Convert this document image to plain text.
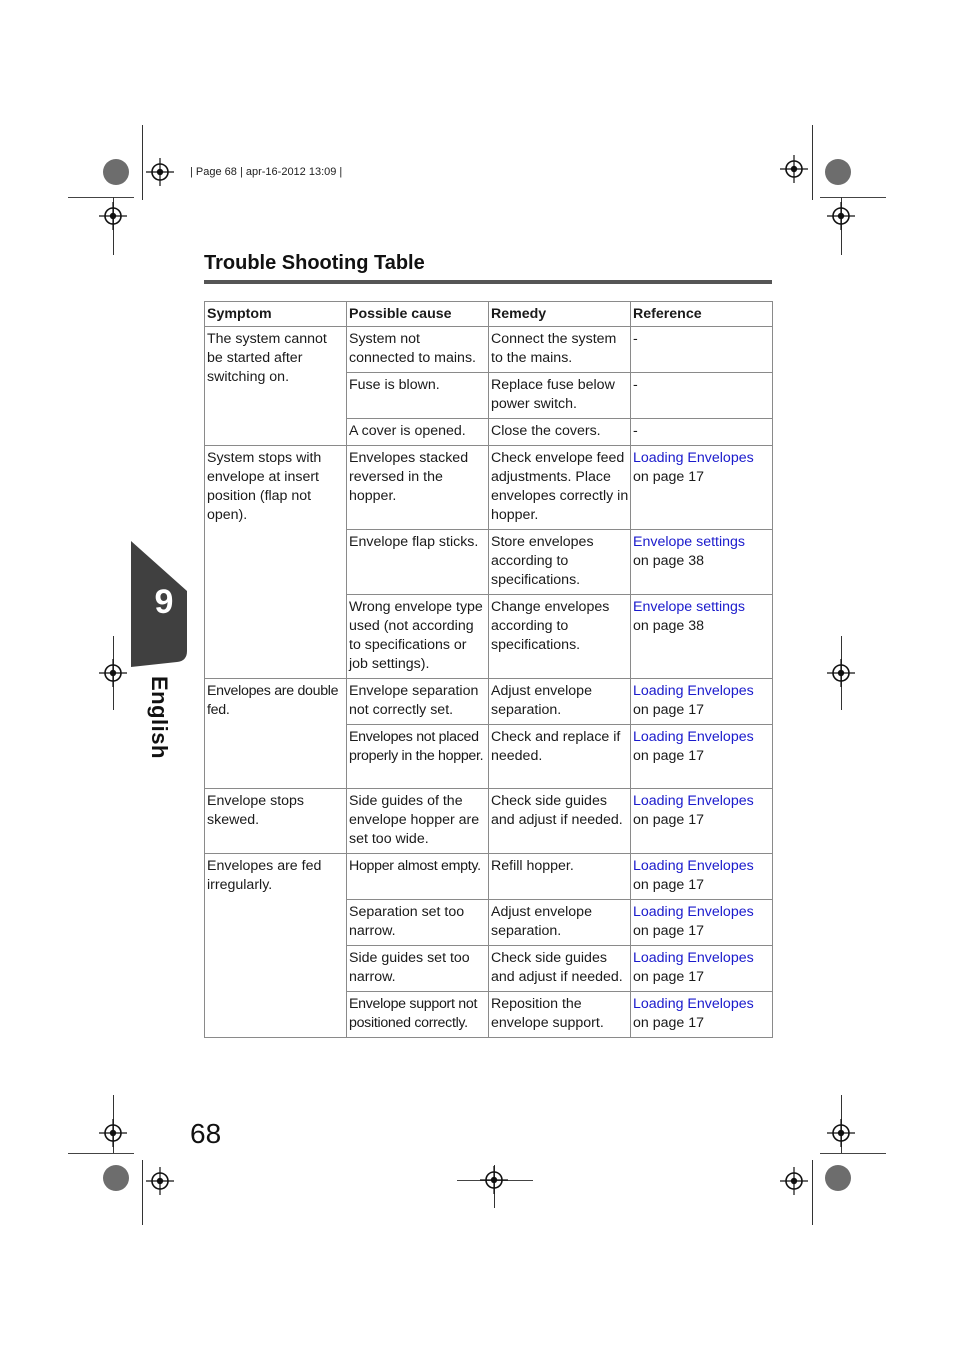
| Page 68 | apr-16-2012 13:09 |
Trouble Shooting Table
9
English
Symptom	Possible cause	Remedy	Reference
The system cannot be started after switching on.	System not connected to mains.	Connect the system to the mains.	-
	Fuse is blown.	Replace fuse below power switch.	-
	A cover is opened.	Close the covers.	-
System stops with envelope at insert position (flap not open).	Envelopes stacked reversed in the hopper.	Check envelope feed adjustments. Place envelopes correctly in hopper.	Loading Envelopes
on page 17
	Envelope flap sticks.	Store envelopes according to specifications.	Envelope settings
on page 38
	Wrong envelope type used (not according to specifications or job settings).	Change envelopes according to specifications.	Envelope settings
on page 38
Envelopes are double fed.	Envelope separation not correctly set.	Adjust envelope separation.	Loading Envelopes
on page 17
	Envelopes not placed properly in the hopper.	Check and replace if needed.	Loading Envelopes
on page 17
Envelope stops skewed.	Side guides of the envelope hopper are set too wide.	Check side guides and adjust if needed.	Loading Envelopes
on page 17
Envelopes are fed irregularly.	Hopper almost empty.	Refill hopper.	Loading Envelopes
on page 17
	Separation set too narrow.	Adjust envelope separation.	Loading Envelopes
on page 17
	Side guides set too narrow.	Check side guides and adjust if needed.	Loading Envelopes
on page 17
	Envelope support not positioned correctly.	Reposition the envelope support.	Loading Envelopes
on page 17
68
